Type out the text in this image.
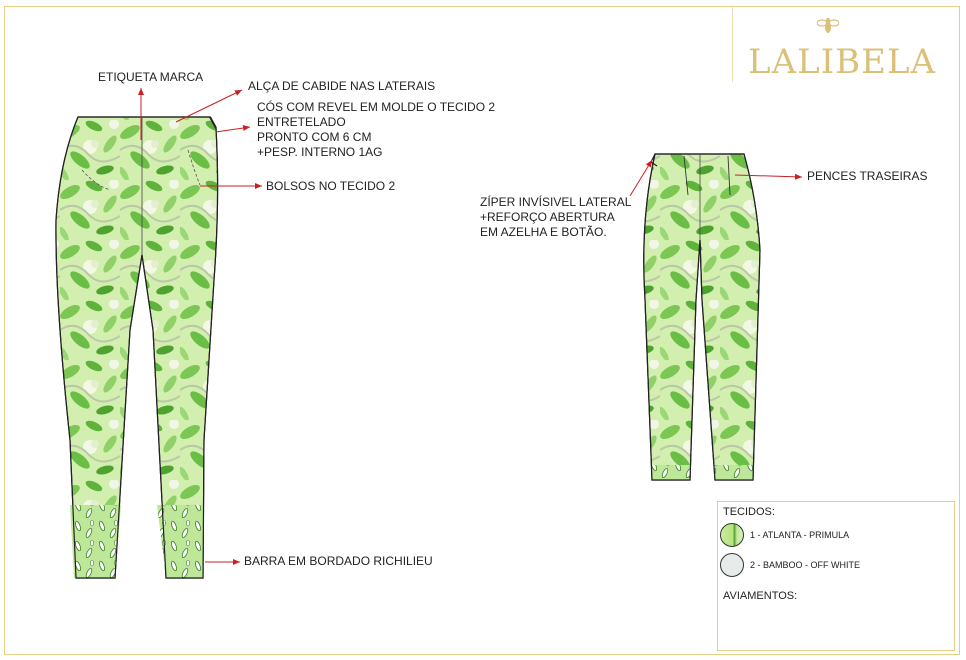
LALIBELA
ETIQUETA MARCA
ALÇA DE CABIDE NAS LATERAIS
CÓS COM REVEL EM MOLDE O TECIDO 2
ENTRETELADO
PRONTO COM 6 CM
+PESP. INTERNO 1AG
BOLSOS NO TECIDO 2
BARRA EM BORDADO RICHILIEU
PENCES TRASEIRAS
ZÍPER INVÍSIVEL LATERAL
+REFORÇO ABERTURA
EM AZELHA E BOTÃO.
TECIDOS:
1 - ATLANTA - PRIMULA
2 - BAMBOO - OFF WHITE
AVIAMENTOS:
